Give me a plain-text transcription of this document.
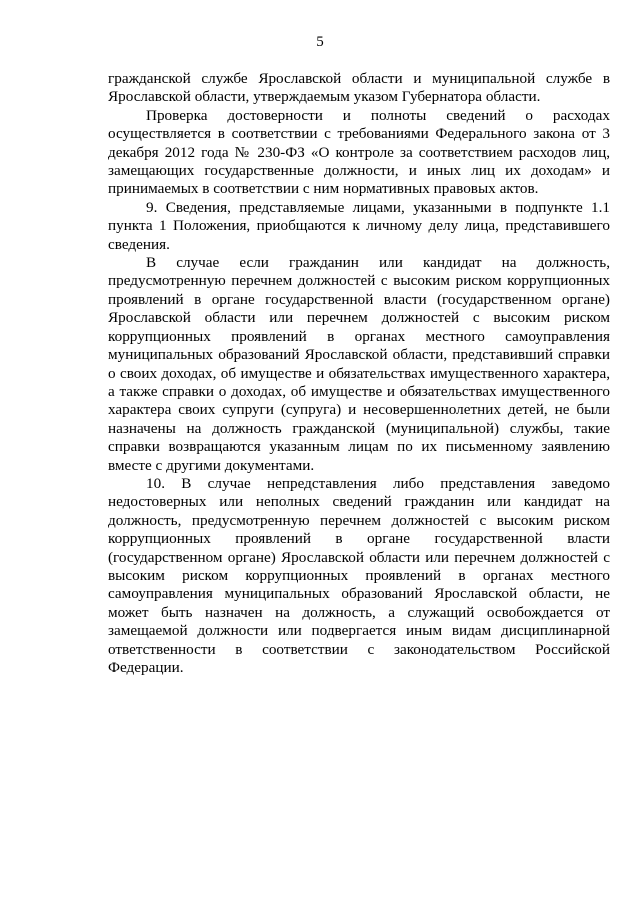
5

гражданской службе Ярославской области и муниципальной службе в Ярославской области, утверждаемым указом Губернатора области.

Проверка достоверности и полноты сведений о расходах осуществляется в соответствии с требованиями Федерального закона от 3 декабря 2012 года № 230-ФЗ «О контроле за соответствием расходов лиц, замещающих государственные должности, и иных лиц их доходам» и принимаемых в соответствии с ним нормативных правовых актов.

9. Сведения, представляемые лицами, указанными в подпункте 1.1 пункта 1 Положения, приобщаются к личному делу лица, представившего сведения.

В случае если гражданин или кандидат на должность, предусмотренную перечнем должностей с высоким риском коррупционных проявлений в органе государственной власти (государственном органе) Ярославской области или перечнем должностей с высоким риском коррупционных проявлений в органах местного самоуправления муниципальных образований Ярославской области, представивший справки о своих доходах, об имуществе и обязательствах имущественного характера, а также справки о доходах, об имуществе и обязательствах имущественного характера своих супруги (супруга) и несовершеннолетних детей, не были назначены на должность гражданской (муниципальной) службы, такие справки возвращаются указанным лицам по их письменному заявлению вместе с другими документами.

10. В случае непредставления либо представления заведомо недостоверных или неполных сведений гражданин или кандидат на должность, предусмотренную перечнем должностей с высоким риском коррупционных проявлений в органе государственной власти (государственном органе) Ярославской области или перечнем должностей с высоким риском коррупционных проявлений в органах местного самоуправления муниципальных образований Ярославской области, не может быть назначен на должность, а служащий освобождается от замещаемой должности или подвергается иным видам дисциплинарной ответственности в соответствии с законодательством Российской Федерации.
